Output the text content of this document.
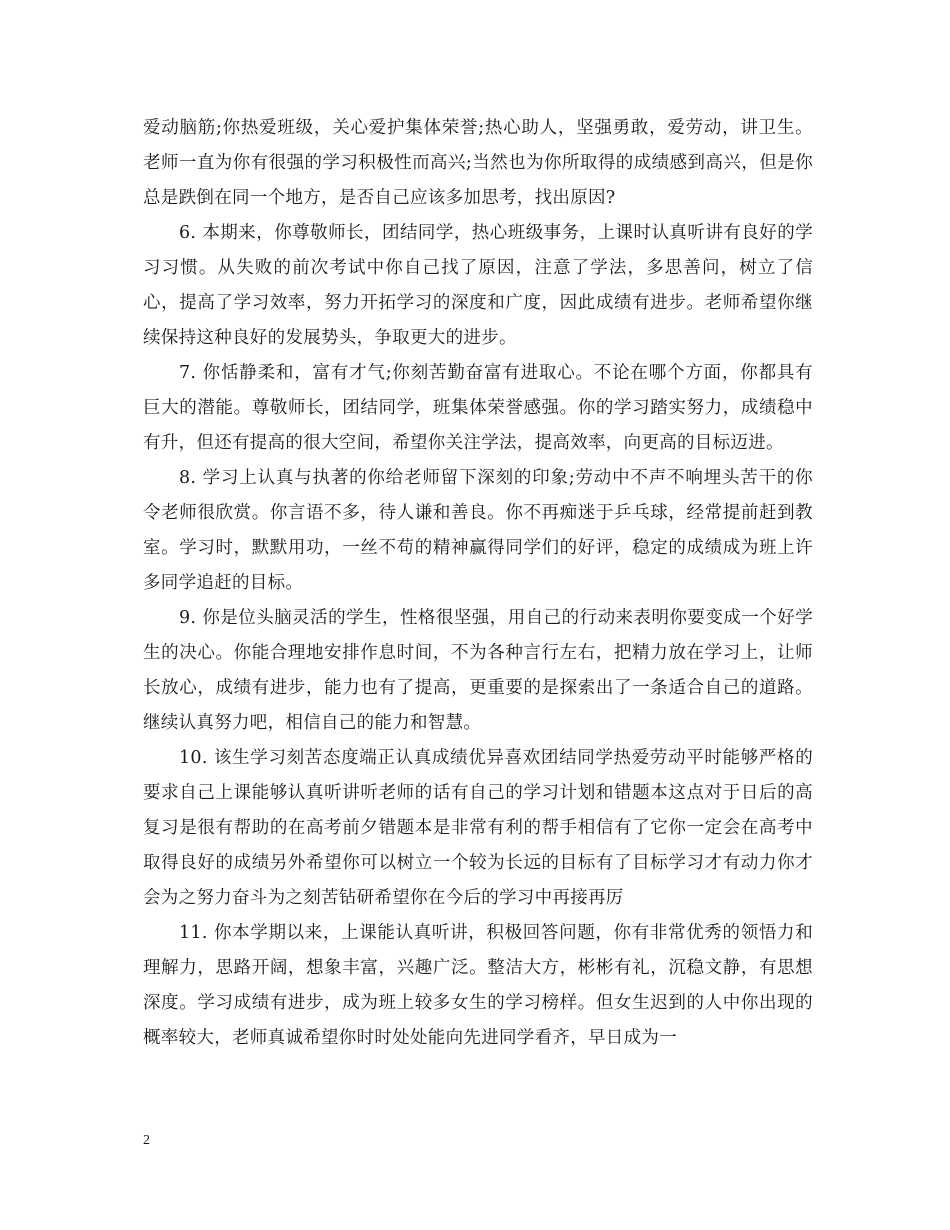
爱动脑筋;你热爱班级，关心爱护集体荣誉;热心助人，坚强勇敢，爱劳动，讲卫生。老师一直为你有很强的学习积极性而高兴;当然也为你所取得的成绩感到高兴，但是你总是跌倒在同一个地方，是否自己应该多加思考，找出原因?

6. 本期来，你尊敬师长，团结同学，热心班级事务，上课时认真听讲有良好的学习习惯。从失败的前次考试中你自己找了原因，注意了学法，多思善问，树立了信心，提高了学习效率，努力开拓学习的深度和广度，因此成绩有进步。老师希望你继续保持这种良好的发展势头，争取更大的进步。

7. 你恬静柔和，富有才气;你刻苦勤奋富有进取心。不论在哪个方面，你都具有巨大的潜能。尊敬师长，团结同学，班集体荣誉感强。你的学习踏实努力，成绩稳中有升，但还有提高的很大空间，希望你关注学法，提高效率，向更高的目标迈进。

8. 学习上认真与执著的你给老师留下深刻的印象;劳动中不声不响埋头苦干的你令老师很欣赏。你言语不多，待人谦和善良。你不再痴迷于乒乓球，经常提前赶到教室。学习时，默默用功，一丝不苟的精神赢得同学们的好评，稳定的成绩成为班上许多同学追赶的目标。

9. 你是位头脑灵活的学生，性格很坚强，用自己的行动来表明你要变成一个好学生的决心。你能合理地安排作息时间，不为各种言行左右，把精力放在学习上，让师长放心，成绩有进步，能力也有了提高，更重要的是探索出了一条适合自己的道路。继续认真努力吧，相信自己的能力和智慧。

10. 该生学习刻苦态度端正认真成绩优异喜欢团结同学热爱劳动平时能够严格的要求自己上课能够认真听讲听老师的话有自己的学习计划和错题本这点对于日后的高复习是很有帮助的在高考前夕错题本是非常有利的帮手相信有了它你一定会在高考中取得良好的成绩另外希望你可以树立一个较为长远的目标有了目标学习才有动力你才会为之努力奋斗为之刻苦钻研希望你在今后的学习中再接再厉

11. 你本学期以来，上课能认真听讲，积极回答问题，你有非常优秀的领悟力和理解力，思路开阔，想象丰富，兴趣广泛。整洁大方，彬彬有礼，沉稳文静，有思想深度。学习成绩有进步，成为班上较多女生的学习榜样。但女生迟到的人中你出现的概率较大，老师真诚希望你时时处处能向先进同学看齐，早日成为一

2
